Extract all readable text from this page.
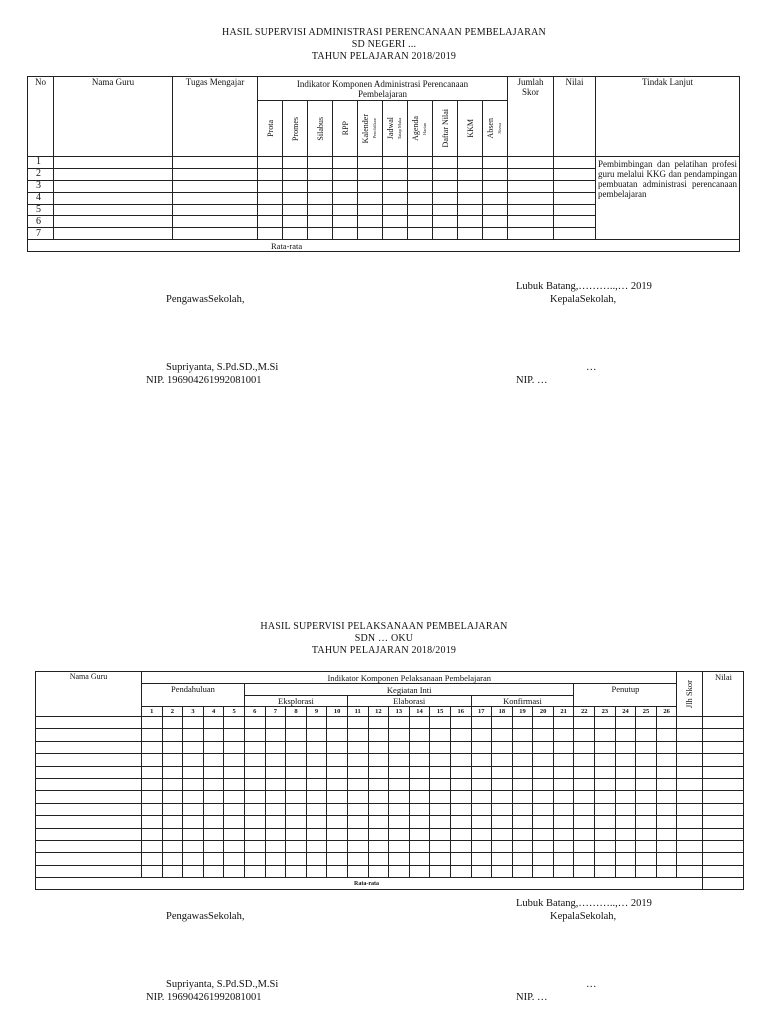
HASIL SUPERVISI ADMINISTRASI PERENCANAAN PEMBELAJARAN
SD NEGERI ...
TAHUN PELAJARAN 2018/2019
No	Nama Guru	Tugas Mengajar	Indikator Komponen Administrasi Perencanaan Pembelajaran										Jumlah Skor	Nilai	Tindak Lanjut

			Prota	Promes	Silabus	RPP	Kalender Pendidikan	Jadwal Tatap Muka	Agenda Harian	Daftar Nilai	KKM	Absen Siswa			

1															Pembimbingan dan pelatihan profesi guru melalui KKG dan pendampingan pembuatan administrasi perencanaan pembelajaran
2															
3															
4															
5															
6															
7															
Rata-rata															
Lubuk Batang,………..,… 2019
PengawasSekolah,	KepalaSekolah,
Supriyanta, S.Pd.SD.,M.Si	…
NIP. 196904261992081001	NIP. …
HASIL SUPERVISI PELAKSANAAN PEMBELAJARAN
SDN … OKU
TAHUN PELAJARAN 2018/2019
Nama Guru	Indikator Komponen Pelaksanaan Pembelajaran																										Jlh Skor	Nilai
	Pendahuluan					Kegiatan Inti																Penutup						
						Eksplorasi					Elaborasi						Konfirmasi											
	1	2	3	4	5	6	7	8	9	10	11	12	13	14	15	16	17	18	19	20	21	22	23	24	25	26		

Rata-rata																												
Lubuk Batang,………..,… 2019
PengawasSekolah,	KepalaSekolah,
Supriyanta, S.Pd.SD.,M.Si	…
NIP. 196904261992081001	NIP. …
